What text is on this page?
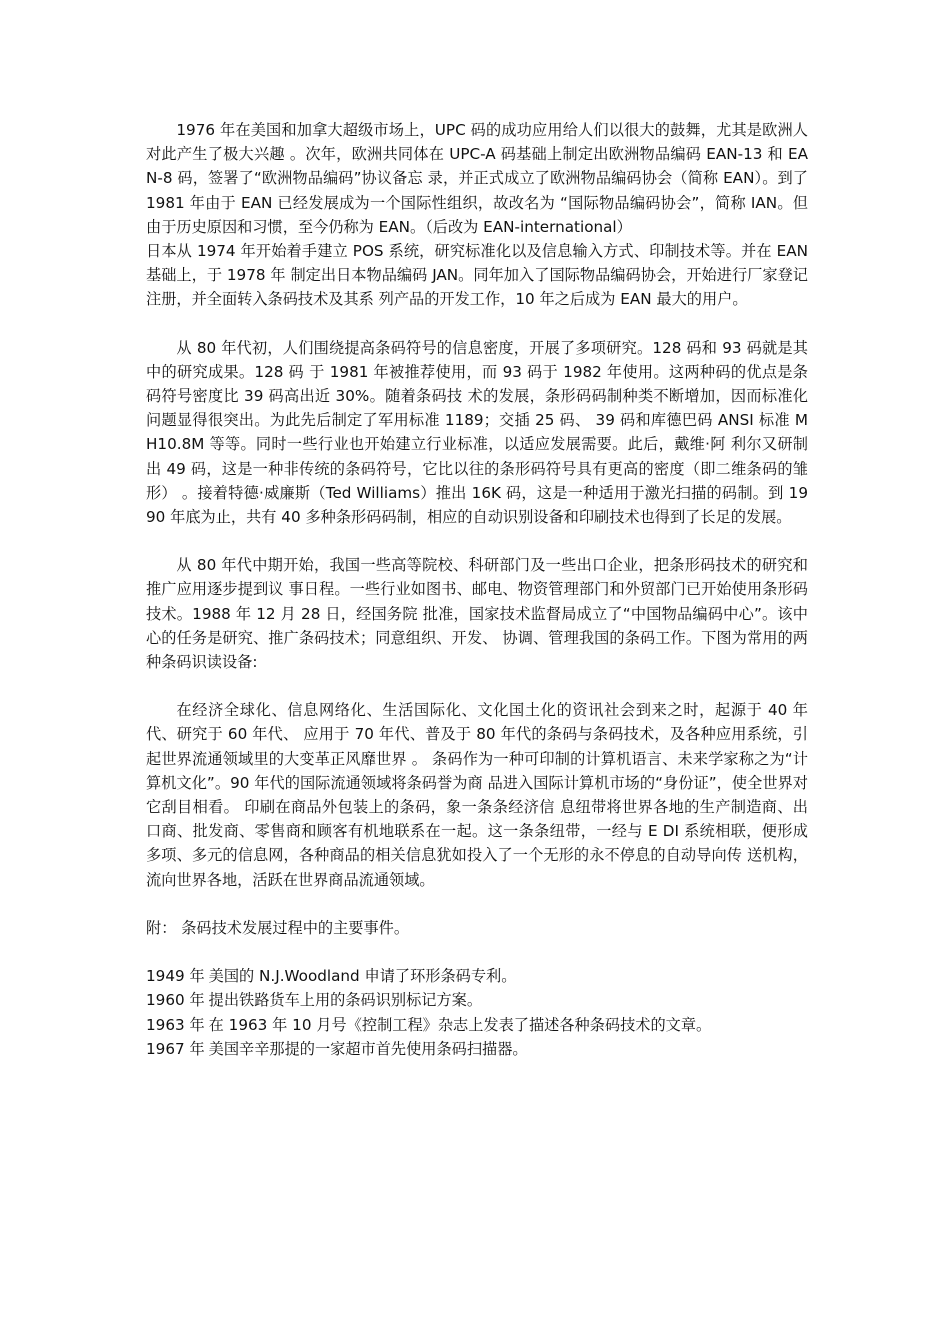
1976 年在美国和加拿大超级市场上，UPC 码的成功应用给人们以很大的鼓舞，尤其是欧洲人对此产生了极大兴趣 。次年，欧洲共同体在 UPC-A 码基础上制定出欧洲物品编码 EAN-13 和 EAN-8 码，签署了“欧洲物品编码”协议备忘 录，并正式成立了欧洲物品编码协会（简称 EAN）。到了 1981 年由于 EAN 已经发展成为一个国际性组织，故改名为 “国际物品编码协会”，简称 IAN。但由于历史原因和习惯，至今仍称为 EAN。（后改为 EAN-international）

日本从 1974 年开始着手建立 POS 系统，研究标准化以及信息输入方式、印制技术等。并在 EAN 基础上，于 1978 年 制定出日本物品编码 JAN。同年加入了国际物品编码协会，开始进行厂家登记注册，并全面转入条码技术及其系 列产品的开发工作，10 年之后成为 EAN 最大的用户。

从 80 年代初，人们围绕提高条码符号的信息密度，开展了多项研究。128 码和 93 码就是其中的研究成果。128 码 于 1981 年被推荐使用，而 93 码于 1982 年使用。这两种码的优点是条码符号密度比 39 码高出近 30%。随着条码技 术的发展，条形码码制种类不断增加，因而标准化问题显得很突出。为此先后制定了军用标准 1189；交插 25 码、 39 码和库德巴码 ANSI 标准 MH10.8M 等等。同时一些行业也开始建立行业标准，以适应发展需要。此后，戴维·阿 利尔又研制出 49 码，这是一种非传统的条码符号，它比以往的条形码符号具有更高的密度（即二维条码的雏形） 。接着特德·威廉斯（Ted Williams）推出 16K 码，这是一种适用于激光扫描的码制。到 1990 年底为止，共有 40 多种条形码码制，相应的自动识别设备和印刷技术也得到了长足的发展。

从 80 年代中期开始，我国一些高等院校、科研部门及一些出口企业，把条形码技术的研究和推广应用逐步提到议 事日程。一些行业如图书、邮电、物资管理部门和外贸部门已开始使用条形码技术。1988 年 12 月 28 日，经国务院 批准，国家技术监督局成立了“中国物品编码中心”。该中心的任务是研究、推广条码技术；同意组织、开发、 协调、管理我国的条码工作。下图为常用的两种条码识读设备:

在经济全球化、信息网络化、生活国际化、文化国土化的资讯社会到来之时，起源于 40 年代、研究于 60 年代、 应用于 70 年代、普及于 80 年代的条码与条码技术，及各种应用系统，引起世界流通领域里的大变革正风靡世界 。 条码作为一种可印制的计算机语言、未来学家称之为“计算机文化”。90 年代的国际流通领域将条码誉为商 品进入国际计算机市场的“身份证”，使全世界对它刮目相看。 印刷在商品外包装上的条码，象一条条经济信 息纽带将世界各地的生产制造商、出口商、批发商、零售商和顾客有机地联系在一起。这一条条纽带，一经与 E DI 系统相联，便形成多项、多元的信息网，各种商品的相关信息犹如投入了一个无形的永不停息的自动导向传 送机构，流向世界各地，活跃在世界商品流通领域。

附： 条码技术发展过程中的主要事件。

1949 年 美国的 N.J.Woodland 申请了环形条码专利。
1960 年 提出铁路货车上用的条码识别标记方案。
1963 年 在 1963 年 10 月号《控制工程》杂志上发表了描述各种条码技术的文章。
1967 年 美国辛辛那提的一家超市首先使用条码扫描器。
